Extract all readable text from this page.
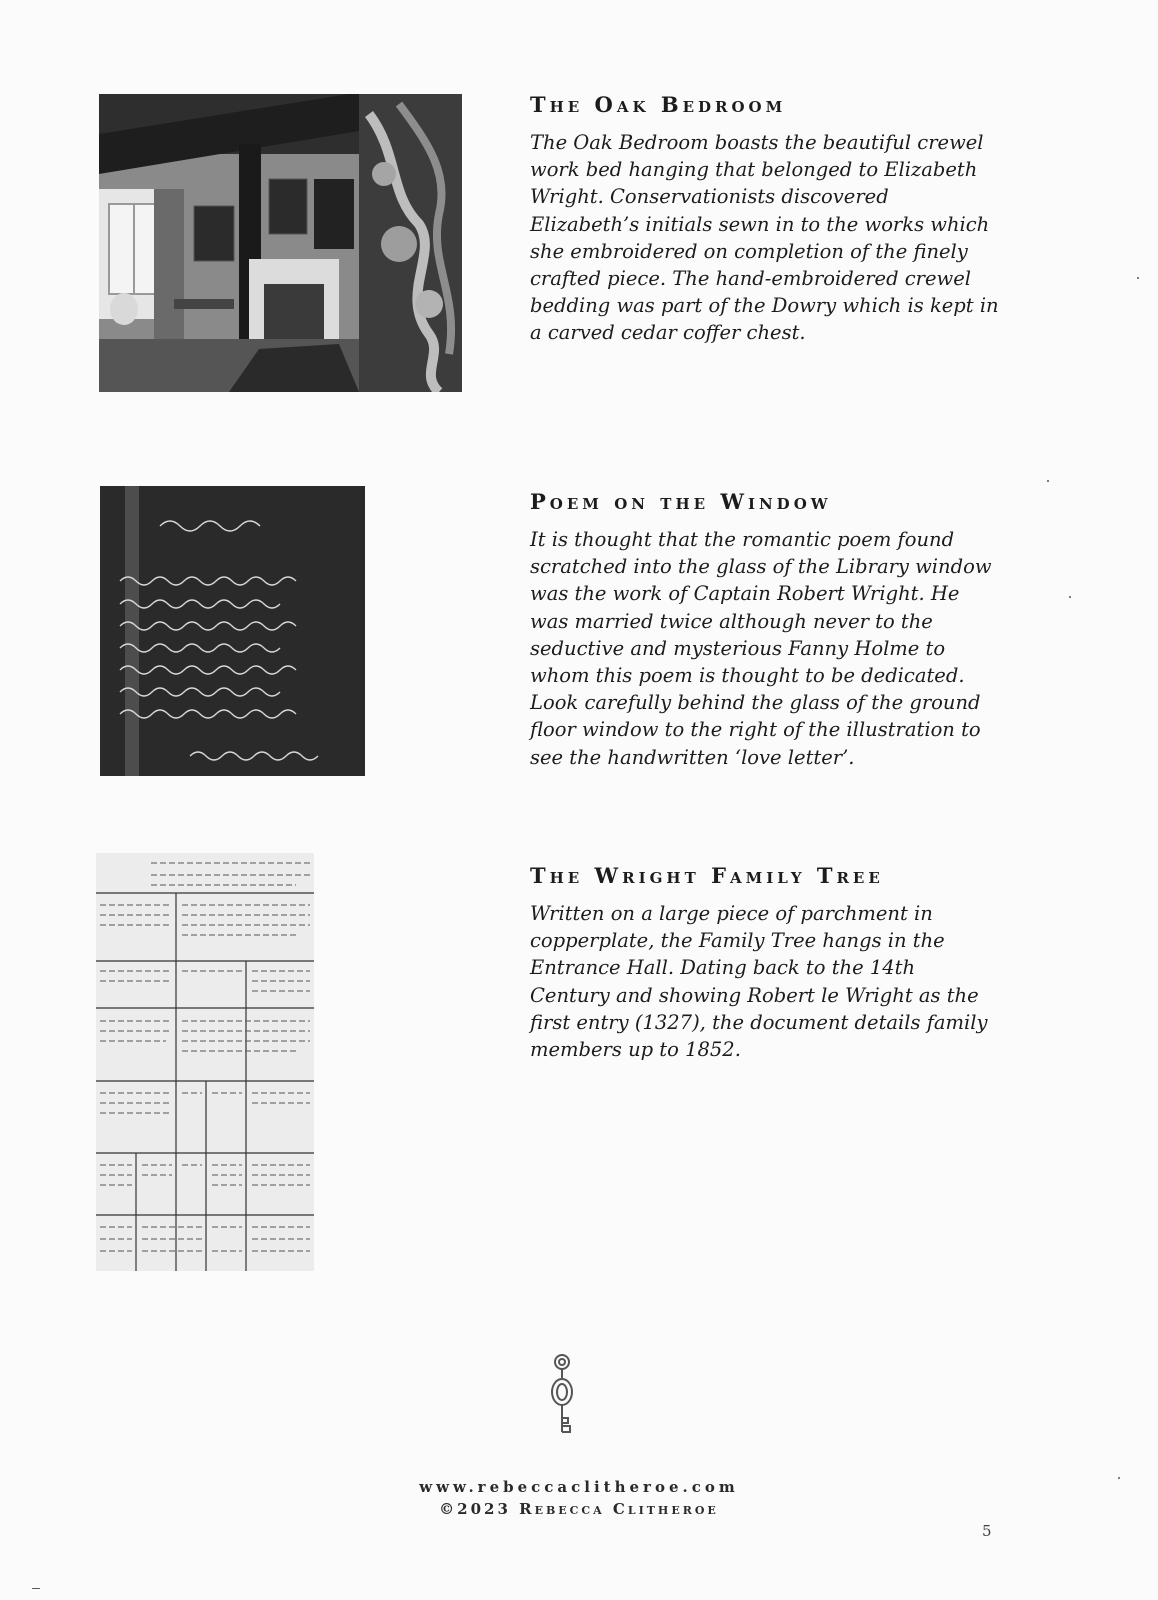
The Oak Bedroom

The Oak Bedroom boasts the beautiful crewel work bed hanging that belonged to Elizabeth Wright. Conservationists discovered Elizabeth’s initials sewn in to the works which she embroidered on completion of the finely crafted piece. The hand-embroidered crewel bedding was part of the Dowry which is kept in a carved cedar coffer chest.

Poem on the Window

It is thought that the romantic poem found scratched into the glass of the Library window was the work of Captain Robert Wright. He was married twice although never to the seductive and mysterious Fanny Holme to whom this poem is thought to be dedicated. Look carefully behind the glass of the ground floor window to the right of the illustration to see the handwritten ‘love letter’.

The Wright Family Tree

Written on a large piece of parchment in copperplate, the Family Tree hangs in the Entrance Hall. Dating back to the 14th Century and showing Robert le Wright as the first entry (1327), the document details family members up to 1852.

www.rebeccaclitheroe.com
©2023 Rebecca Clitheroe
5
